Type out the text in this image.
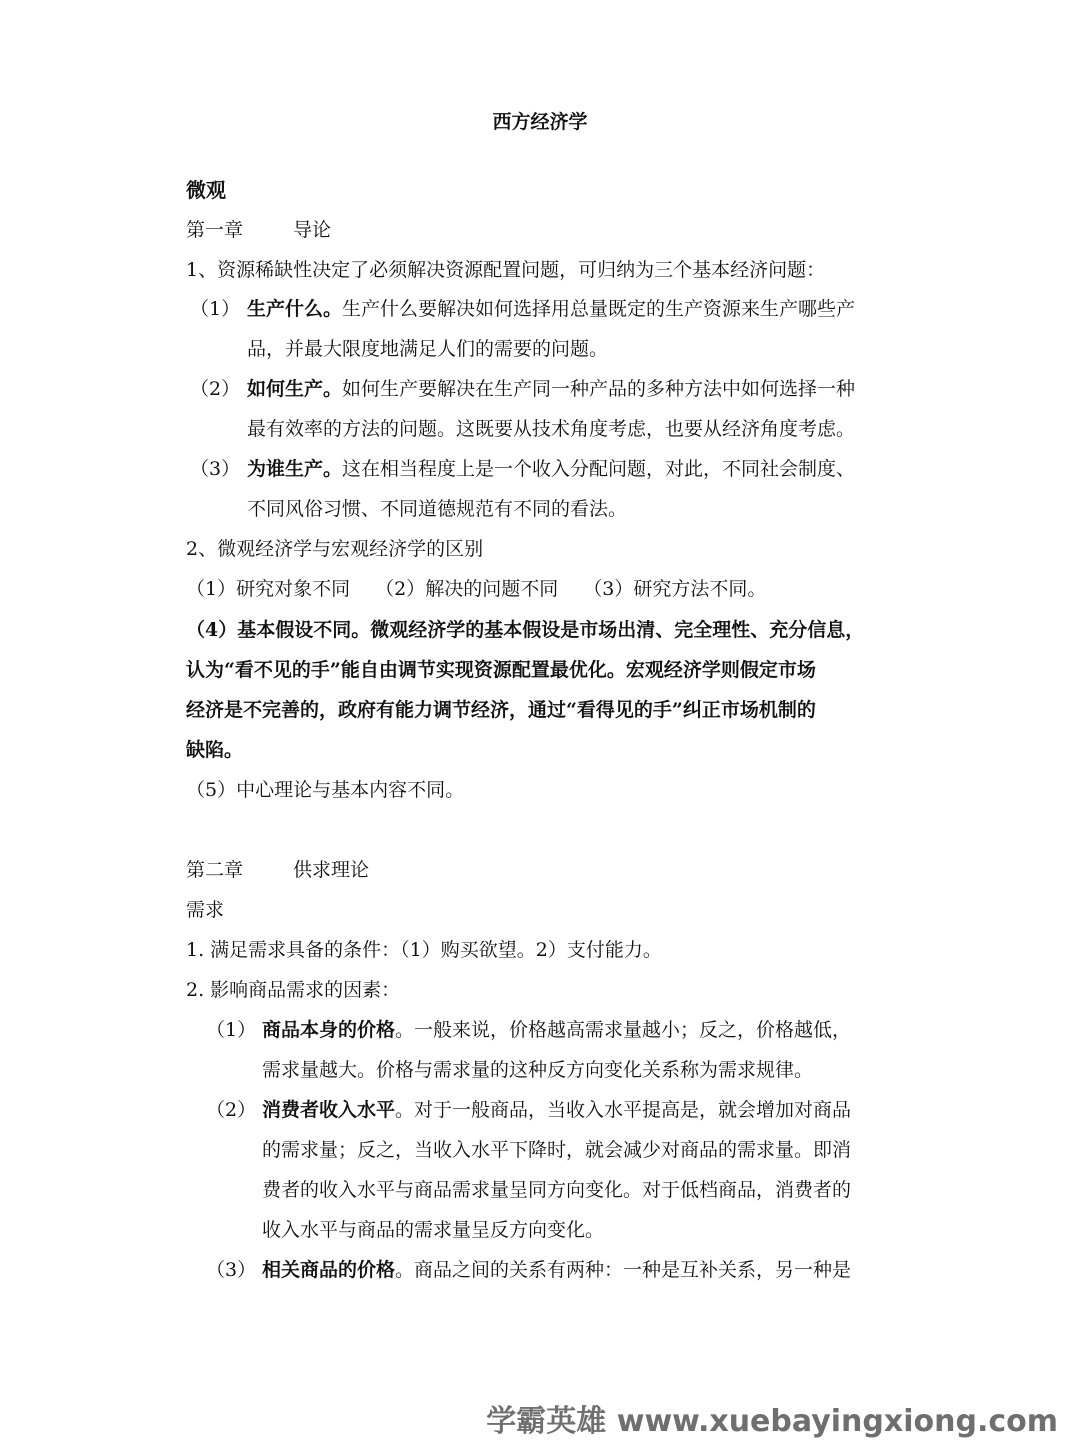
西方经济学
微观
第一章	导论
1、资源稀缺性决定了必须解决资源配置问题，可归纳为三个基本经济问题：
（1） 生产什么。生产什么要解决如何选择用总量既定的生产资源来生产哪些产
品，并最大限度地满足人们的需要的问题。
（2） 如何生产。如何生产要解决在生产同一种产品的多种方法中如何选择一种
最有效率的方法的问题。这既要从技术角度考虑，也要从经济角度考虑。
（3） 为谁生产。这在相当程度上是一个收入分配问题，对此，不同社会制度、
不同风俗习惯、不同道德规范有不同的看法。
2、微观经济学与宏观经济学的区别
（1）研究对象不同　 （2）解决的问题不同　 （3）研究方法不同。
（4）基本假设不同。微观经济学的基本假设是市场出清、完全理性、充分信息，
认为“看不见的手”能自由调节实现资源配置最优化。宏观经济学则假定市场
经济是不完善的，政府有能力调节经济，通过“看得见的手”纠正市场机制的
缺陷。
（5）中心理论与基本内容不同。
第二章	供求理论
需求
1. 满足需求具备的条件：（1）购买欲望。2）支付能力。
2. 影响商品需求的因素：
（1） 商品本身的价格。一般来说，价格越高需求量越小；反之，价格越低，
需求量越大。价格与需求量的这种反方向变化关系称为需求规律。
（2） 消费者收入水平。对于一般商品，当收入水平提高是，就会增加对商品
的需求量；反之，当收入水平下降时，就会减少对商品的需求量。即消
费者的收入水平与商品需求量呈同方向变化。对于低档商品，消费者的
收入水平与商品的需求量呈反方向变化。
（3） 相关商品的价格。商品之间的关系有两种：一种是互补关系，另一种是
学霸英雄 www.xuebayingxiong.com
